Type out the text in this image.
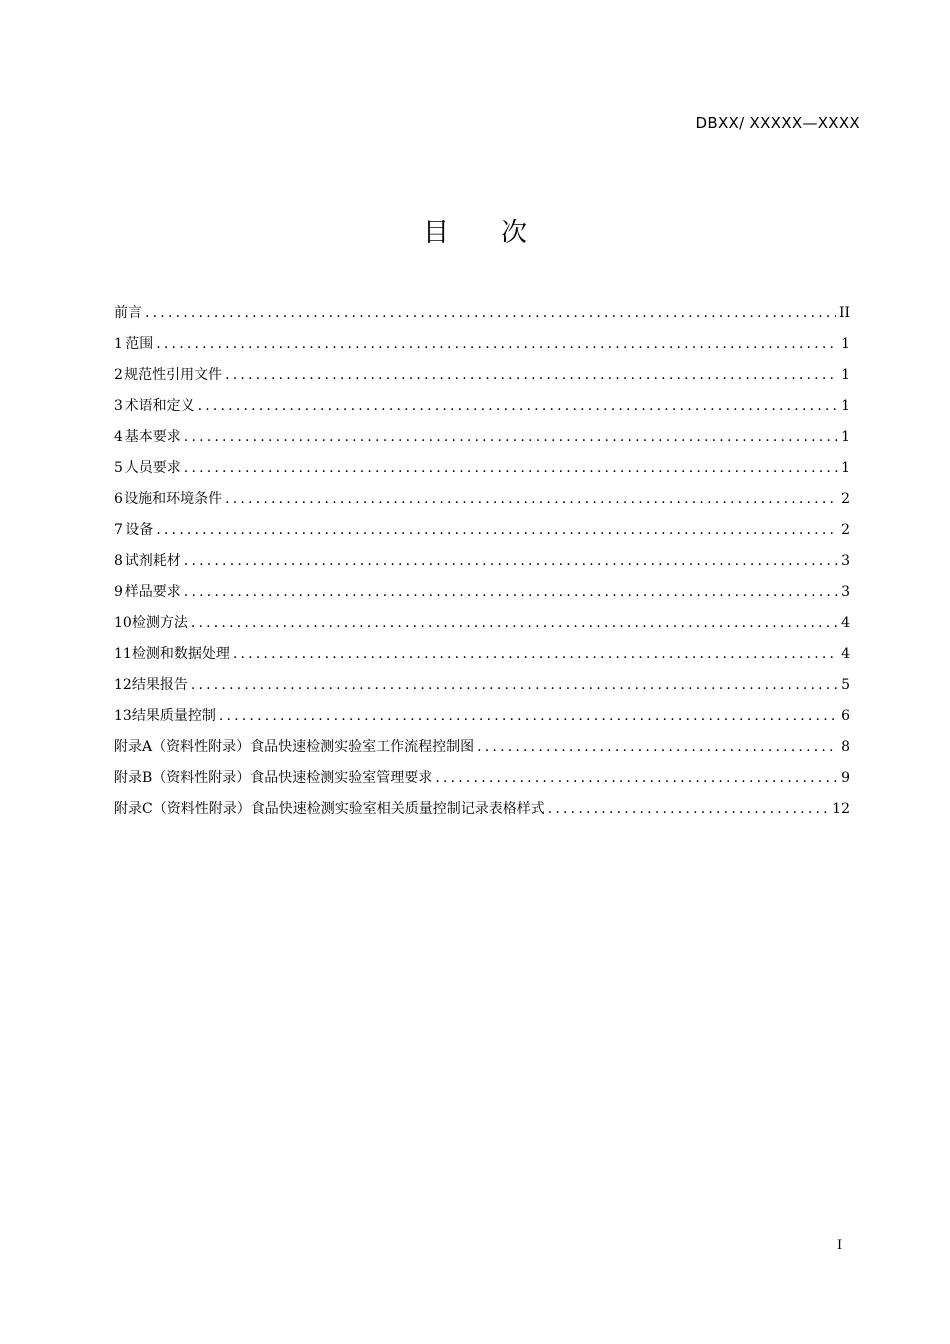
DBXX/ XXXXX—XXXX
目 次
前言 .....	II
1 范围 .....	1
2 规范性引用文件 .....	1
3 术语和定义 .....	1
4 基本要求 .....	1
5 人员要求 .....	1
6 设施和环境条件 .....	2
7 设备 .....	2
8 试剂耗材 .....	3
9 样品要求 .....	3
10 检测方法 .....	4
11 检测和数据处理 .....	4
12 结果报告 .....	5
13 结果质量控制 .....	6
附录A（资料性附录） 食品快速检测实验室工作流程控制图 .....	8
附录B（资料性附录） 食品快速检测实验室管理要求 .....	9
附录C（资料性附录） 食品快速检测实验室相关质量控制记录表格样式 .....	12
I
